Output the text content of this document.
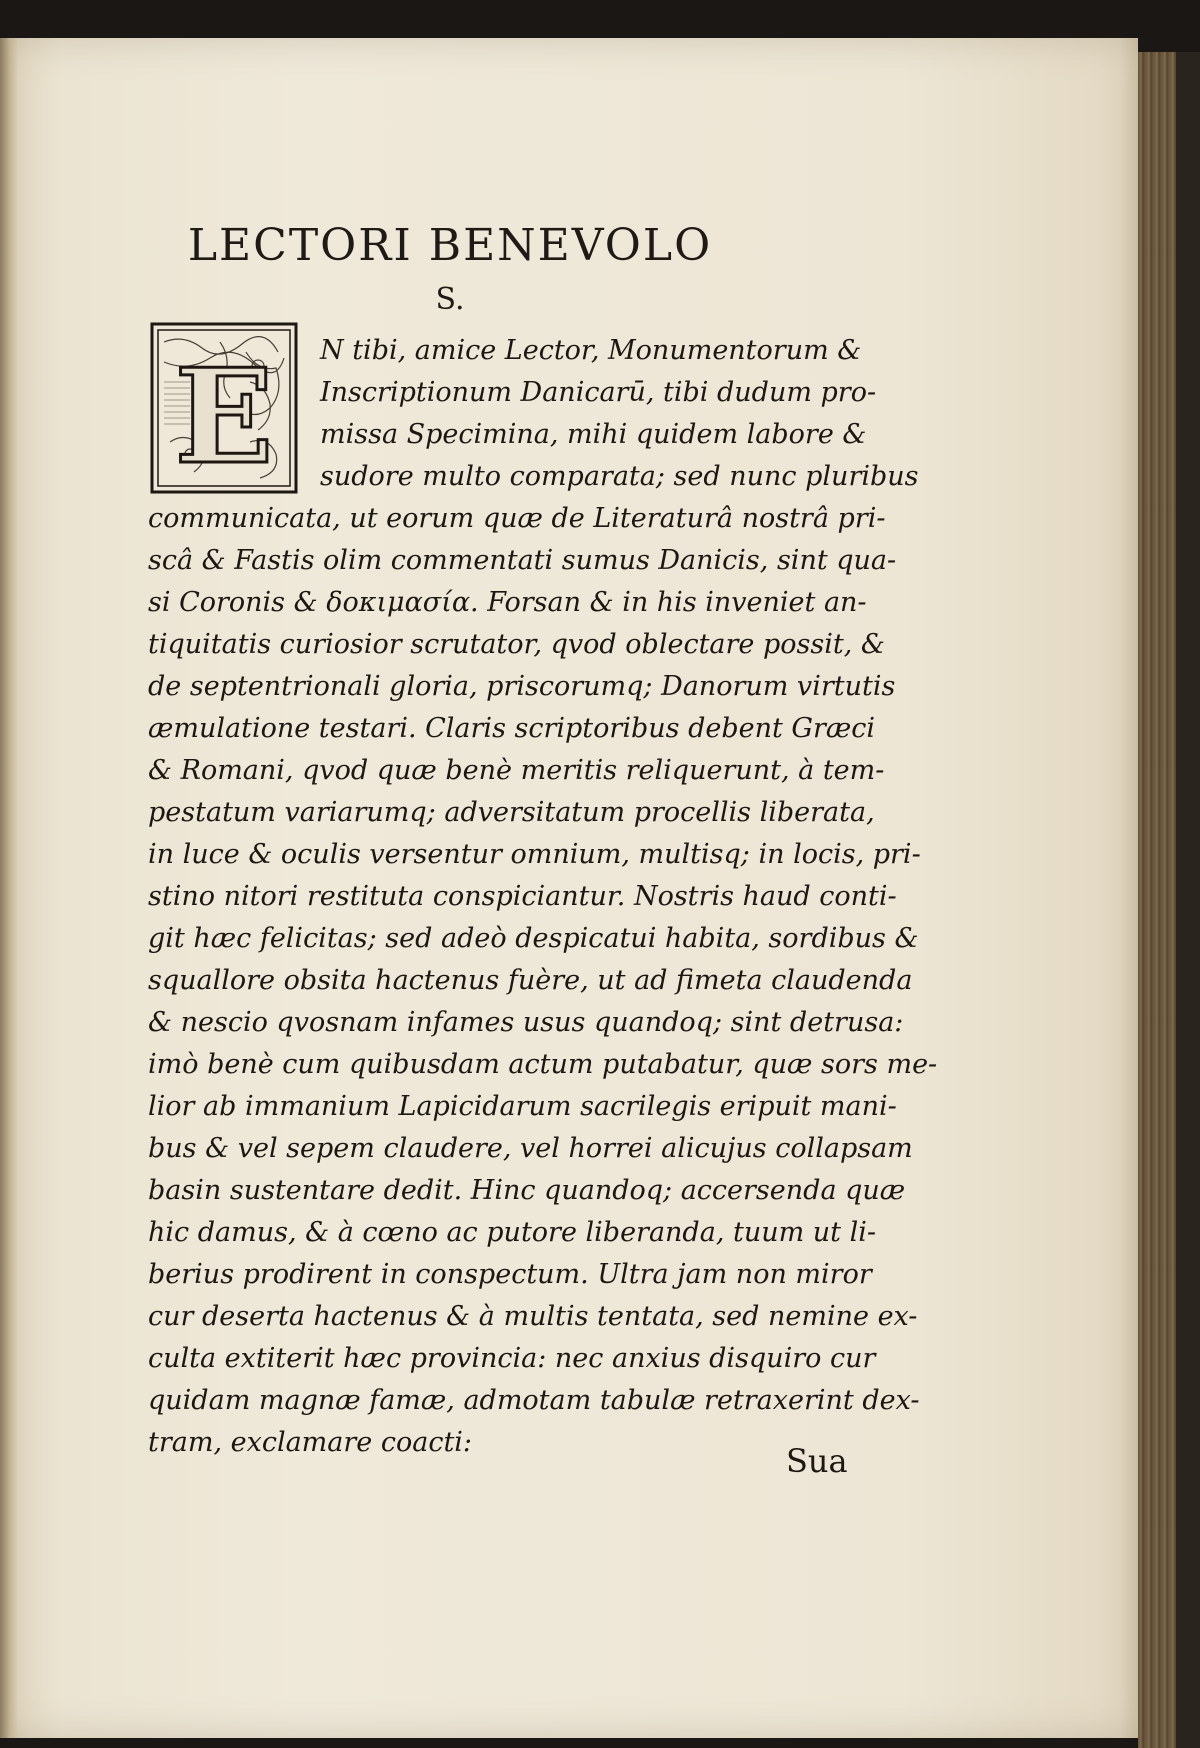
LECTORI BENEVOLO
S.
E N tibi, amice Lector, Monumentorum &
Inscriptionum Danicarū, tibi dudum pro-
missa Specimina, mihi quidem labore &
sudore multo comparata; sed nunc pluribus
communicata, ut eorum quæ de Literaturâ nostrâ pri-
scâ & Fastis olim commentati sumus Danicis, sint qua-
si Coronis & δοκιμασία. Forsan & in his inveniet an-
tiquitatis curiosior scrutator, qvod oblectare possit, &
de septentrionali gloria, priscorumq; Danorum virtutis
æmulatione testari. Claris scriptoribus debent Græci
& Romani, qvod quæ benè meritis reliquerunt, à tem-
pestatum variarumq; adversitatum procellis liberata,
in luce & oculis versentur omnium, multisq; in locis, pri-
stino nitori restituta conspiciantur. Nostris haud conti-
git hæc felicitas; sed adeò despicatui habita, sordibus &
squallore obsita hactenus fuère, ut ad fimeta claudenda
& nescio qvosnam infames usus quandoq; sint detrusa:
imò benè cum quibusdam actum putabatur, quæ sors me-
lior ab immanium Lapicidarum sacrilegis eripuit mani-
bus & vel sepem claudere, vel horrei alicujus collapsam
basin sustentare dedit. Hinc quandoq; accersenda quæ
hic damus, & à cœno ac putore liberanda, tuum ut li-
berius prodirent in conspectum. Ultra jam non miror
cur deserta hactenus & à multis tentata, sed nemine ex-
culta extiterit hæc provincia: nec anxius disquiro cur
quidam magnæ famæ, admotam tabulæ retraxerint dex-
tram, exclamare coacti:	Sua
